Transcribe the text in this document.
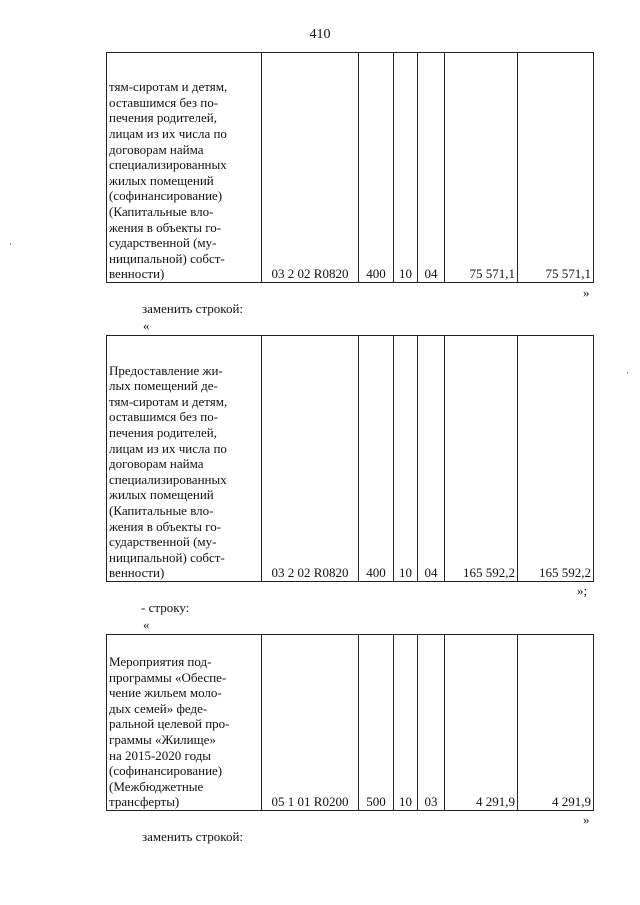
410
тям-сиротам и детям,
оставшимся без по-
печения родителей,
лицам из их числа по
договорам найма
специализированных
жилых помещений
(софинансирование)
(Капитальные вло-
жения в объекты го-
сударственной (му-
ниципальной) собст-
венности)	03 2 02 R0820	400	10	04	75 571,1	75 571,1
»
заменить строкой:
«
Предоставление жи-
лых помещений де-
тям-сиротам и детям,
оставшимся без по-
печения родителей,
лицам из их числа по
договорам найма
специализированных
жилых помещений
(Капитальные вло-
жения в объекты го-
сударственной (му-
ниципальной) собст-
венности)	03 2 02 R0820	400	10	04	165 592,2	165 592,2
»;
- строку:
«
Мероприятия под-
программы «Обеспе-
чение жильем моло-
дых семей» феде-
ральной целевой про-
граммы «Жилище»
на 2015-2020 годы
(софинансирование)
(Межбюджетные
трансферты)	05 1 01 R0200	500	10	03	4 291,9	4 291,9
»
заменить строкой:
